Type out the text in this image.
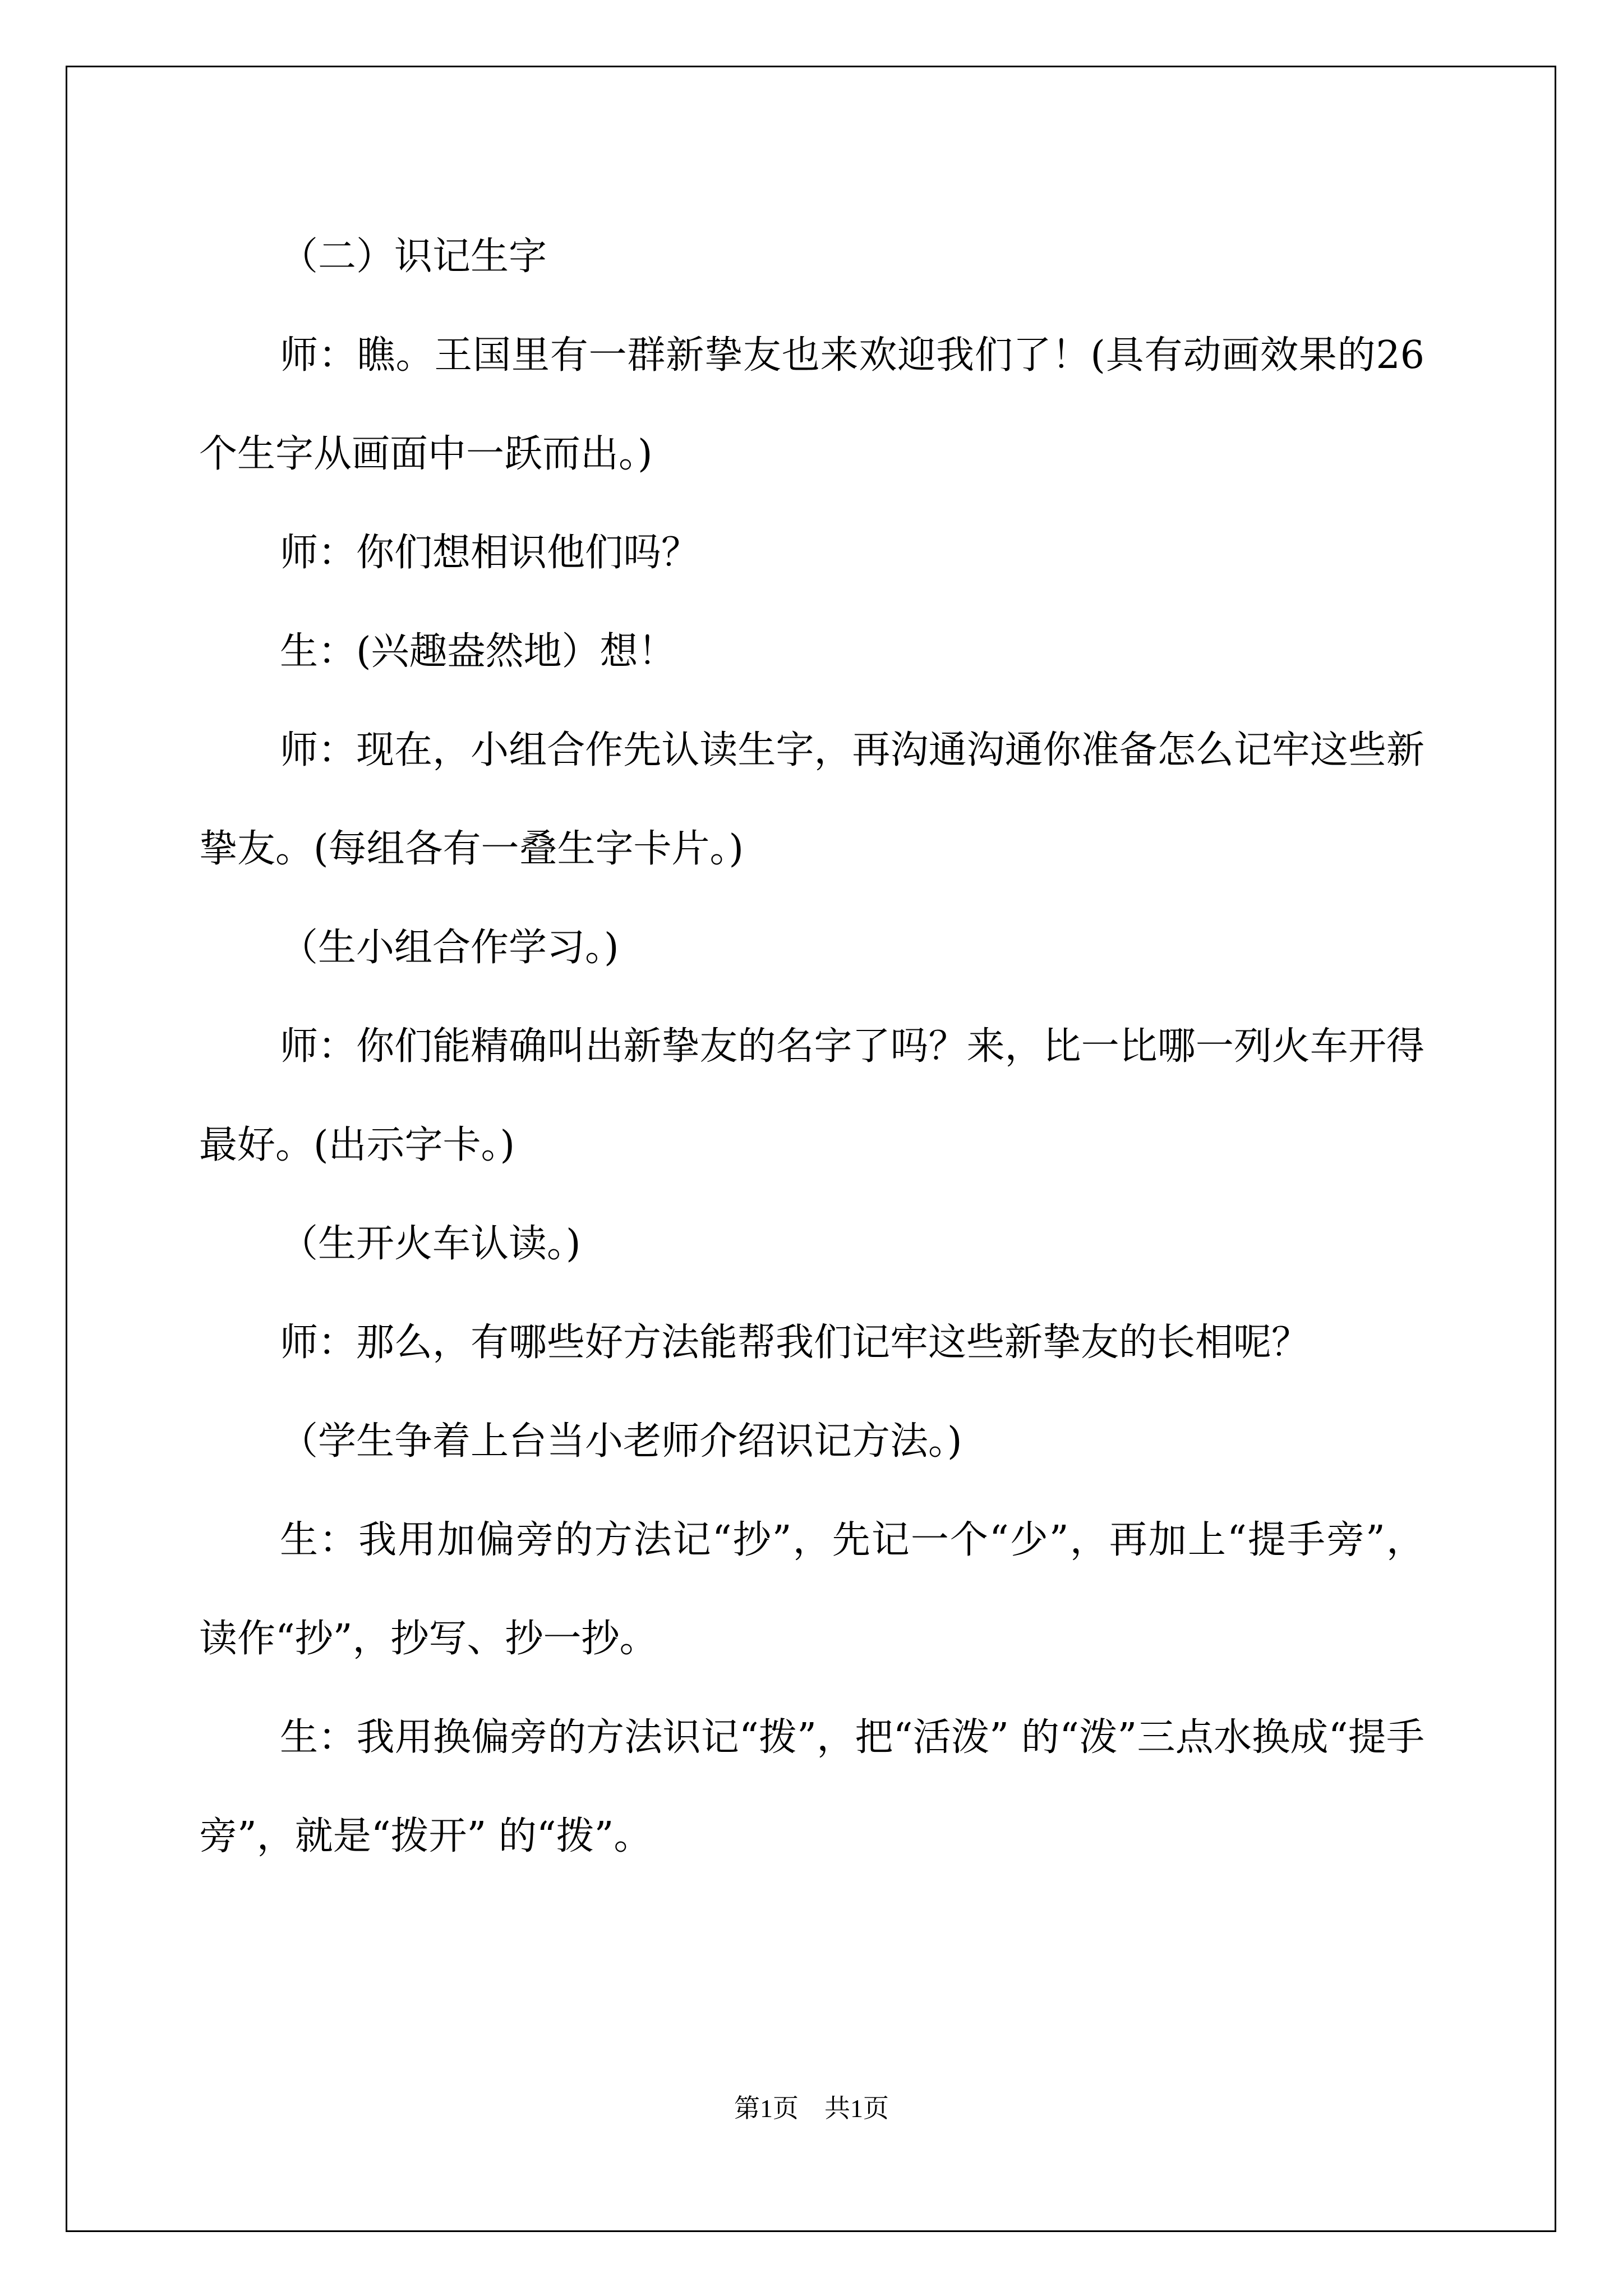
（二）识记生字

师：瞧。王国里有一群新挚友也来欢迎我们了！(具有动画效果的26个生字从画面中一跃而出。)

师：你们想相识他们吗？

生：(兴趣盎然地）想！

师：现在，小组合作先认读生字，再沟通沟通你准备怎么记牢这些新挚友。(每组各有一叠生字卡片。)

（生小组合作学习。)

师：你们能精确叫出新挚友的名字了吗？来，比一比哪一列火车开得最好。(出示字卡。)

（生开火车认读。)

师：那么，有哪些好方法能帮我们记牢这些新挚友的长相呢？

（学生争着上台当小老师介绍识记方法。)

生：我用加偏旁的方法记“抄”，先记一个“少”，再加上“提手旁”，读作“抄”，抄写、抄一抄。

生：我用换偏旁的方法识记“拨”，把“活泼” 的“泼”三点水换成“提手旁”，就是“拨开” 的“拨”。

第1页　共1页
